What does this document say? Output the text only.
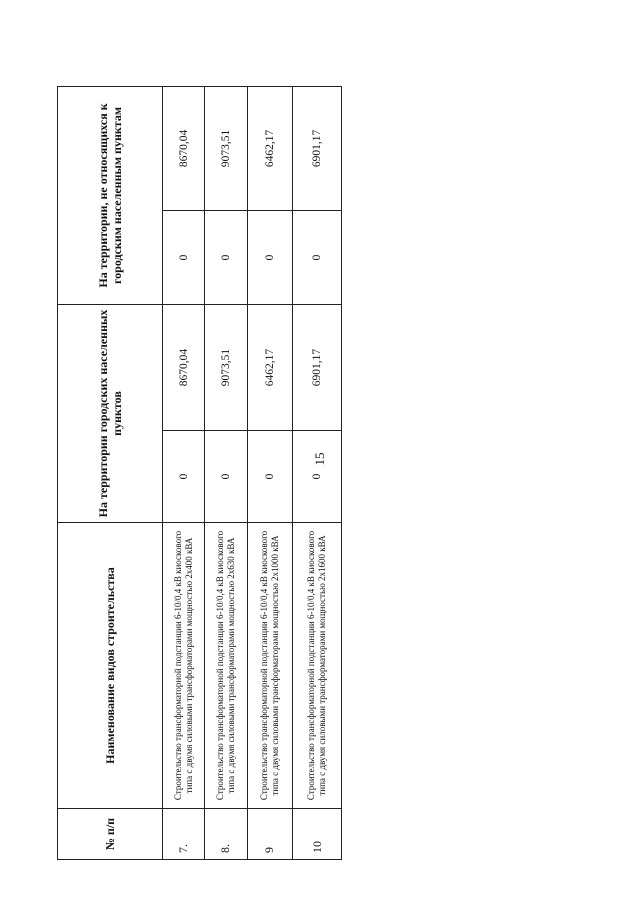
15
№ п/п	Наименование видов строительства	На территории городских населенных пунктов		На территории, не относящихся к городским населенным пунктам	
7.	Строительство трансформаторной подстанции 6-10/0,4 кВ киоскового типа с двумя силовыми трансформаторами мощностью 2х400 кВА	0	8670,04	0	8670,04
8.	Строительство трансформаторной подстанции 6-10/0,4 кВ киоскового типа с двумя силовыми трансформаторами мощностью 2х630 кВА	0	9073,51	0	9073,51
9	Строительство трансформаторной подстанции 6-10/0,4 кВ киоскового типа с двумя силовыми трансформаторами мощностью 2х1000 кВА	0	6462,17	0	6462,17
10	Строительство трансформаторной подстанции 6-10/0,4 кВ киоскового типа с двумя силовыми трансформаторами мощностью 2х1600 кВА	0	6901,17	0	6901,17
